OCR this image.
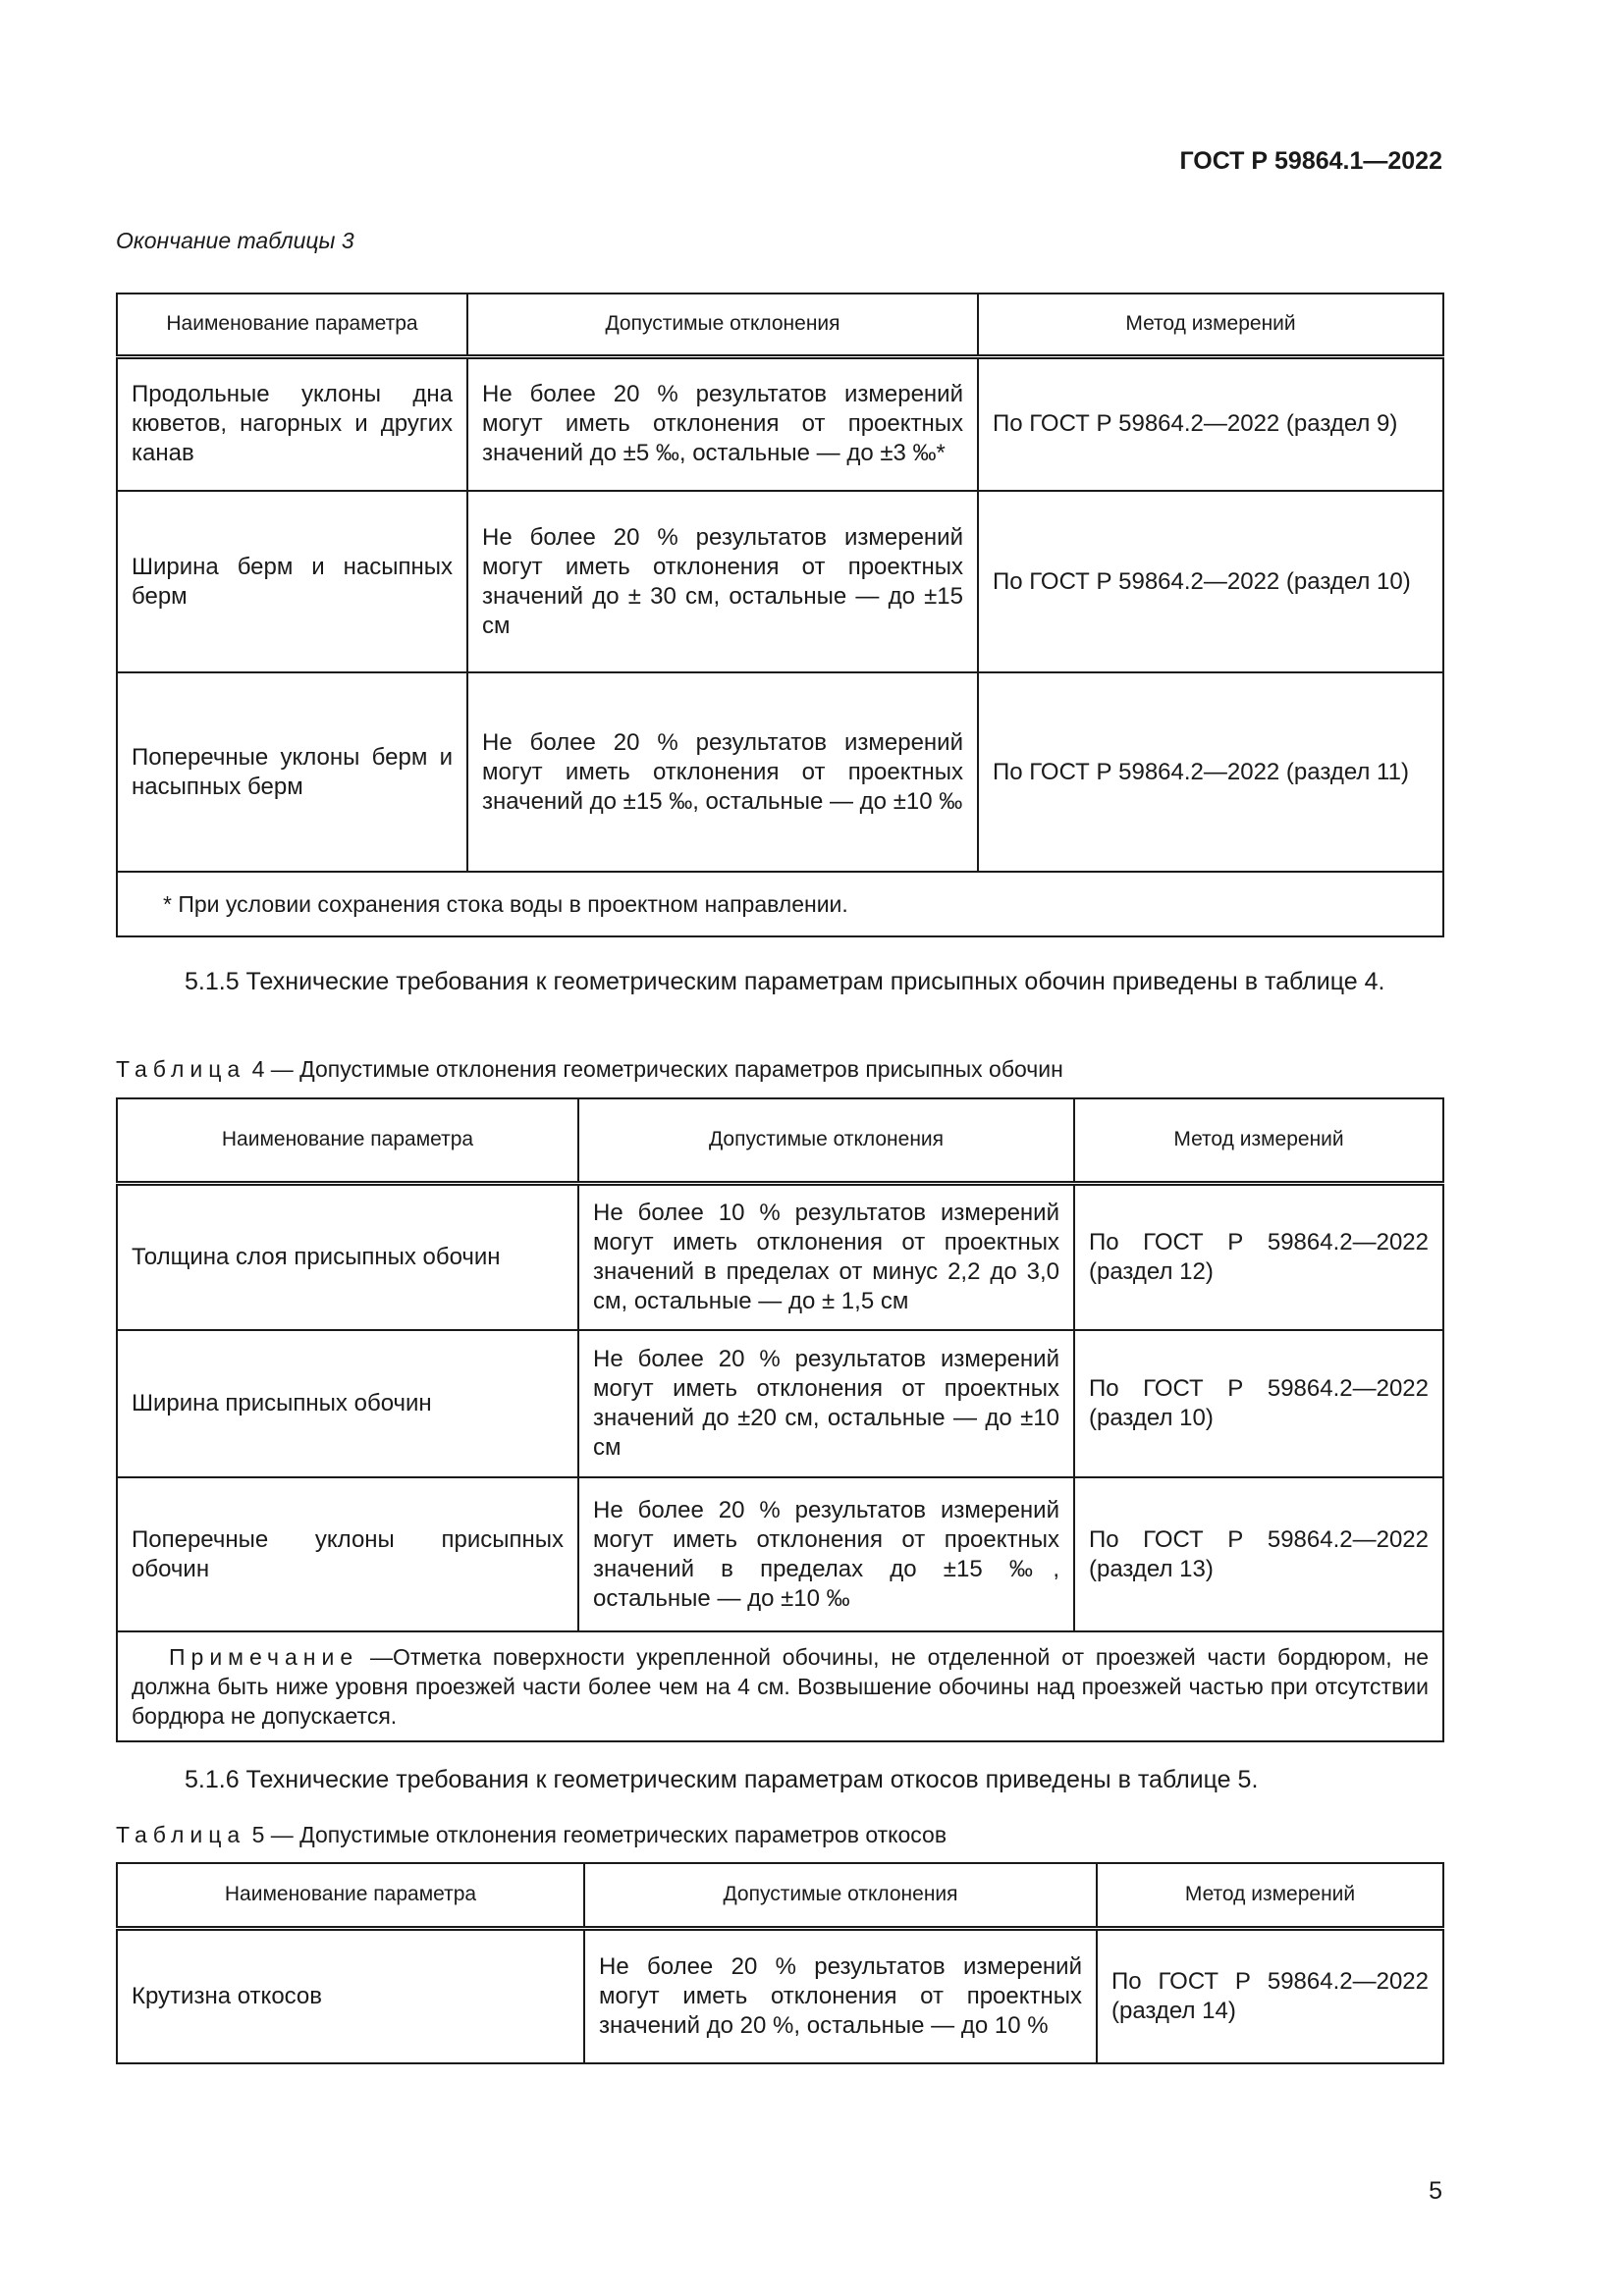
ГОСТ Р 59864.1—2022
Окончание таблицы 3
Наименование параметра	Допустимые отклонения	Метод измерений
Продольные уклоны дна кюветов, нагорных и других канав	Не более 20 % результатов измерений могут иметь отклонения от проектных значений до ±5 ‰, остальные — до ±3 ‰*	По ГОСТ Р 59864.2—2022 (раздел 9)
Ширина берм и насыпных берм	Не более 20 % результатов измерений могут иметь отклонения от проектных значений до ± 30 см, остальные — до ±15 см	По ГОСТ Р 59864.2—2022 (раздел 10)
Поперечные уклоны берм и насыпных берм	Не более 20 % результатов измерений могут иметь отклонения от проектных значений до ±15 ‰, остальные — до ±10 ‰	По ГОСТ Р 59864.2—2022 (раздел 11)
* При условии сохранения стока воды в проектном направлении.		
5.1.5 Технические требования к геометрическим параметрам присыпных обочин приведены в таблице 4.
Таблица 4 — Допустимые отклонения геометрических параметров присыпных обочин
Наименование параметра	Допустимые отклонения	Метод измерений
Толщина слоя присыпных обочин	Не более 10 % результатов измерений могут иметь отклонения от проектных значений в пределах от минус 2,2 до 3,0 см, остальные — до ± 1,5 см	По ГОСТ Р 59864.2—2022 (раздел 12)
Ширина присыпных обочин	Не более 20 % результатов измерений могут иметь отклонения от проектных значений до ±20 см, остальные — до ±10 см	По ГОСТ Р 59864.2—2022 (раздел 10)
Поперечные уклоны присыпных обочин	Не более 20 % результатов измерений могут иметь отклонения от проектных значений в пределах до ±15 ‰, остальные — до ±10 ‰	По ГОСТ Р 59864.2—2022 (раздел 13)
Примечание —Отметка поверхности укрепленной обочины, не отделенной от проезжей части бордюром, не должна быть ниже уровня проезжей части более чем на 4 см. Возвышение обочины над проезжей частью при отсутствии бордюра не допускается.		
5.1.6 Технические требования к геометрическим параметрам откосов приведены в таблице 5.
Таблица 5 — Допустимые отклонения геометрических параметров откосов
Наименование параметра	Допустимые отклонения	Метод измерений
Крутизна откосов	Не более 20 % результатов измерений могут иметь отклонения от проектных значений до 20 %, остальные — до 10 %	По ГОСТ Р 59864.2—2022 (раздел 14)
5
